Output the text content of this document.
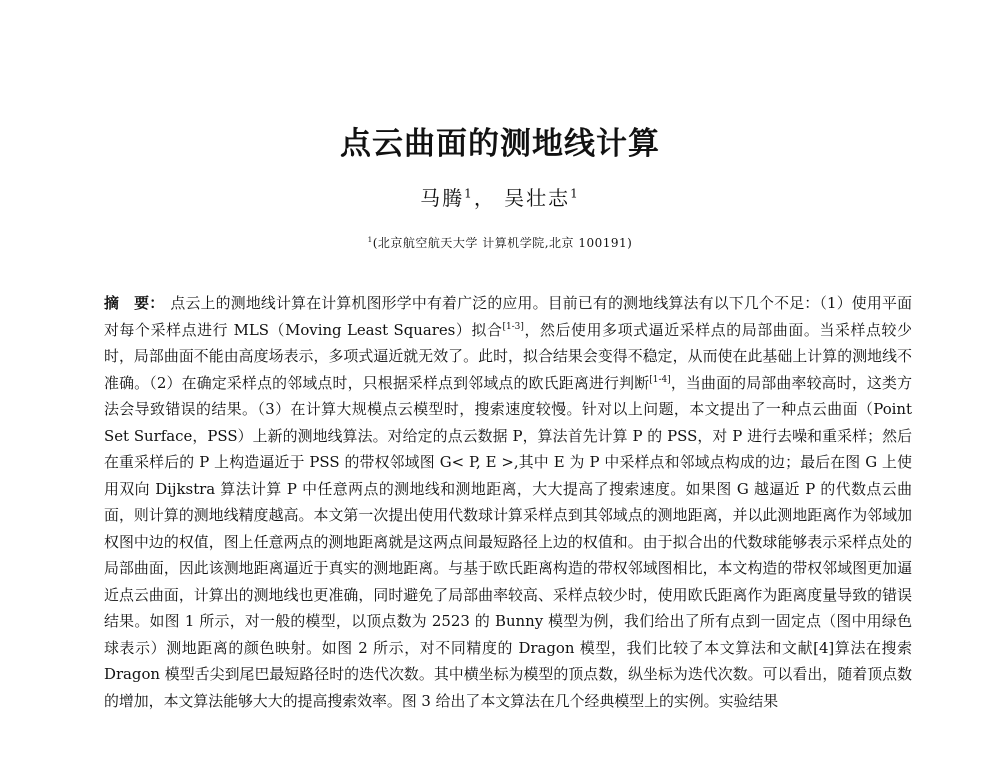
点云曲面的测地线计算
马腾$^1$， 吴壮志$^1$
$^1$(北京航空航天大学 计算机学院,北京 100191)

摘　要： 点云上的测地线计算在计算机图形学中有着广泛的应用。目前已有的测地线算法有以下几个不足：（1）使用平面对每个采样点进行 MLS（Moving Least Squares）拟合[1-3]，然后使用多项式逼近采样点的局部曲面。当采样点较少时，局部曲面不能由高度场表示，多项式逼近就无效了。此时，拟合结果会变得不稳定，从而使在此基础上计算的测地线不准确。（2）在确定采样点的邻域点时，只根据采样点到邻域点的欧氏距离进行判断[1-4]，当曲面的局部曲率较高时，这类方法会导致错误的结果。（3）在计算大规模点云模型时，搜索速度较慢。针对以上问题，本文提出了一种点云曲面（Point Set Surface，PSS）上新的测地线算法。对给定的点云数据 P，算法首先计算 P 的 PSS，对 P 进行去噪和重采样；然后在重采样后的 P 上构造逼近于 PSS 的带权邻域图 G< P, E >,其中 E 为 P 中采样点和邻域点构成的边；最后在图 G 上使用双向 Dijkstra 算法计算 P 中任意两点的测地线和测地距离，大大提高了搜索速度。如果图 G 越逼近 P 的代数点云曲面，则计算的测地线精度越高。本文第一次提出使用代数球计算采样点到其邻域点的测地距离，并以此测地距离作为邻域加权图中边的权值，图上任意两点的测地距离就是这两点间最短路径上边的权值和。由于拟合出的代数球能够表示采样点处的局部曲面，因此该测地距离逼近于真实的测地距离。与基于欧氏距离构造的带权邻域图相比，本文构造的带权邻域图更加逼近点云曲面，计算出的测地线也更准确，同时避免了局部曲率较高、采样点较少时，使用欧氏距离作为距离度量导致的错误结果。如图 1 所示，对一般的模型，以顶点数为 2523 的 Bunny 模型为例，我们给出了所有点到一固定点（图中用绿色球表示）测地距离的颜色映射。如图 2 所示，对不同精度的 Dragon 模型，我们比较了本文算法和文献[4]算法在搜索 Dragon 模型舌尖到尾巴最短路径时的迭代次数。其中横坐标为模型的顶点数，纵坐标为迭代次数。可以看出，随着顶点数的增加，本文算法能够大大的提高搜索效率。图 3 给出了本文算法在几个经典模型上的实例。实验结果
